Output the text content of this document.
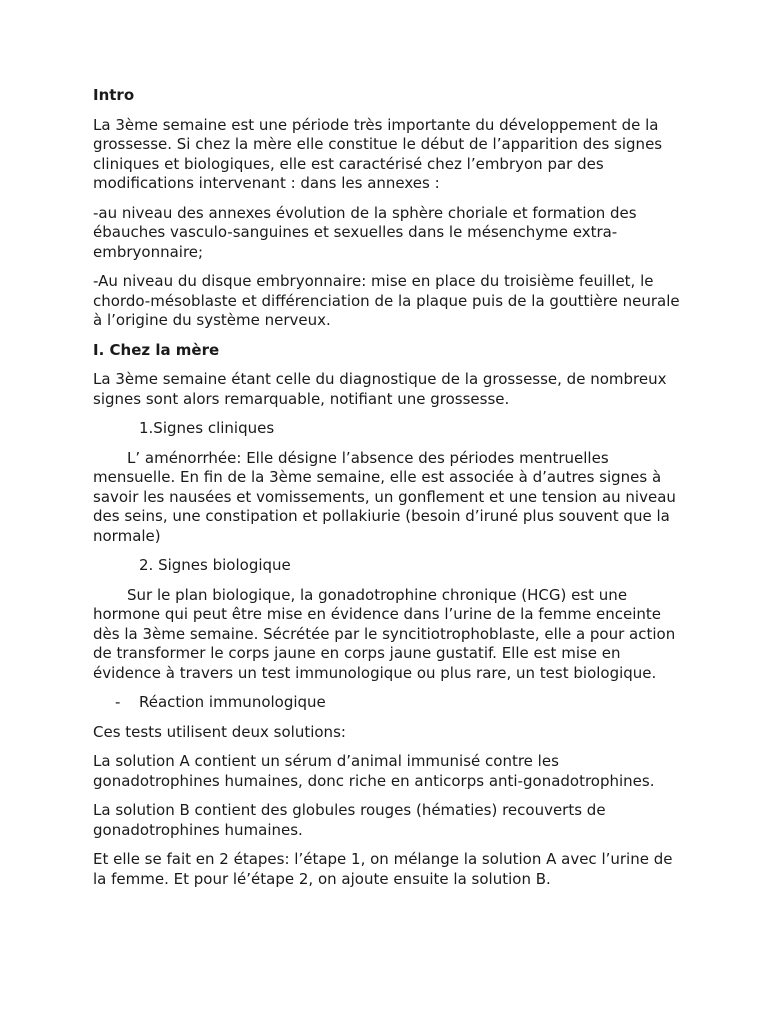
Intro

La 3ème semaine est une période très importante du développement de la grossesse. Si chez la mère elle constitue le début de l’apparition des signes cliniques et biologiques, elle est caractérisé chez l’embryon par des modifications intervenant : dans les annexes :

-au niveau des annexes évolution de la sphère choriale et formation des ébauches vasculo-sanguines et sexuelles dans le mésenchyme extra-embryonnaire;

-Au niveau du disque embryonnaire: mise en place du troisième feuillet, le chordo-mésoblaste et différenciation de la plaque puis de la gouttière neurale à l’origine du système nerveux.

I. Chez la mère

La 3ème semaine étant celle du diagnostique de la grossesse, de nombreux signes sont alors remarquable, notifiant une grossesse.

1.Signes cliniques

L’ aménorrhée: Elle désigne l’absence des périodes mentruelles mensuelle. En fin de la 3ème semaine, elle est associée à d’autres signes à savoir les nausées et vomissements, un gonflement et une tension au niveau des seins, une constipation et pollakiurie (besoin d’iruné plus souvent que la normale)

2. Signes biologique

Sur le plan biologique, la gonadotrophine chronique (HCG) est une hormone qui peut être mise en évidence dans l’urine de la femme enceinte dès la 3ème semaine. Sécrétée par le syncitiotrophoblaste, elle a pour action de transformer le corps jaune en corps jaune gustatif. Elle est mise en évidence à travers un test immunologique ou plus rare, un test biologique.

-	Réaction immunologique

Ces tests utilisent deux solutions:

La solution A contient un sérum d’animal immunisé contre les gonadotrophines humaines, donc riche en anticorps anti-gonadotrophines.

La solution B contient des globules rouges (hématies) recouverts de gonadotrophines humaines.

Et elle se fait en 2 étapes: l’étape 1, on mélange la solution A avec l’urine de la femme. Et pour lé’étape 2, on ajoute ensuite la solution B.
